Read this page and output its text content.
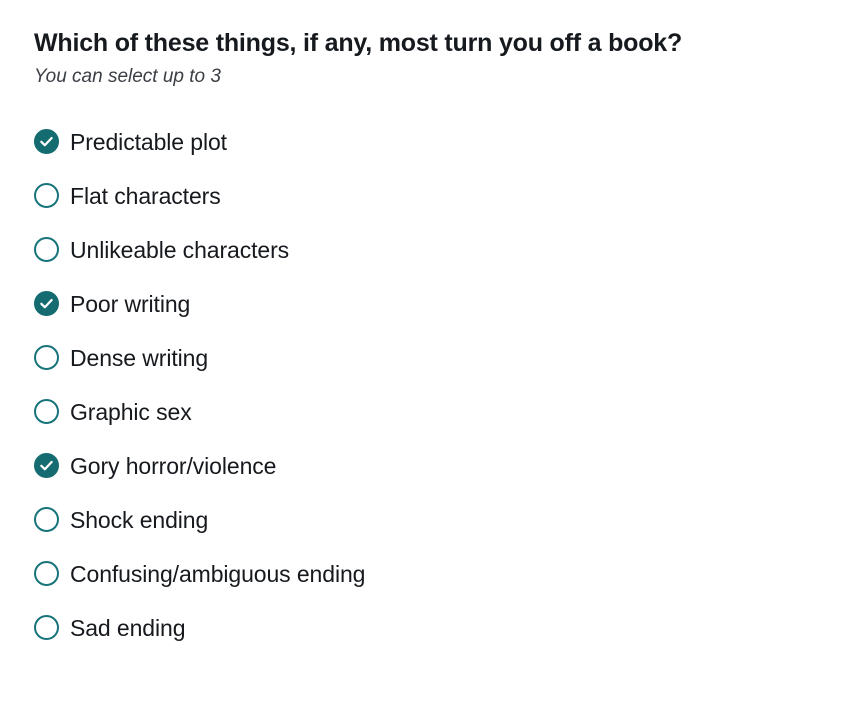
Which of these things, if any, most turn you off a book?
You can select up to 3
Predictable plot
Flat characters
Unlikeable characters
Poor writing
Dense writing
Graphic sex
Gory horror/violence
Shock ending
Confusing/ambiguous ending
Sad ending
